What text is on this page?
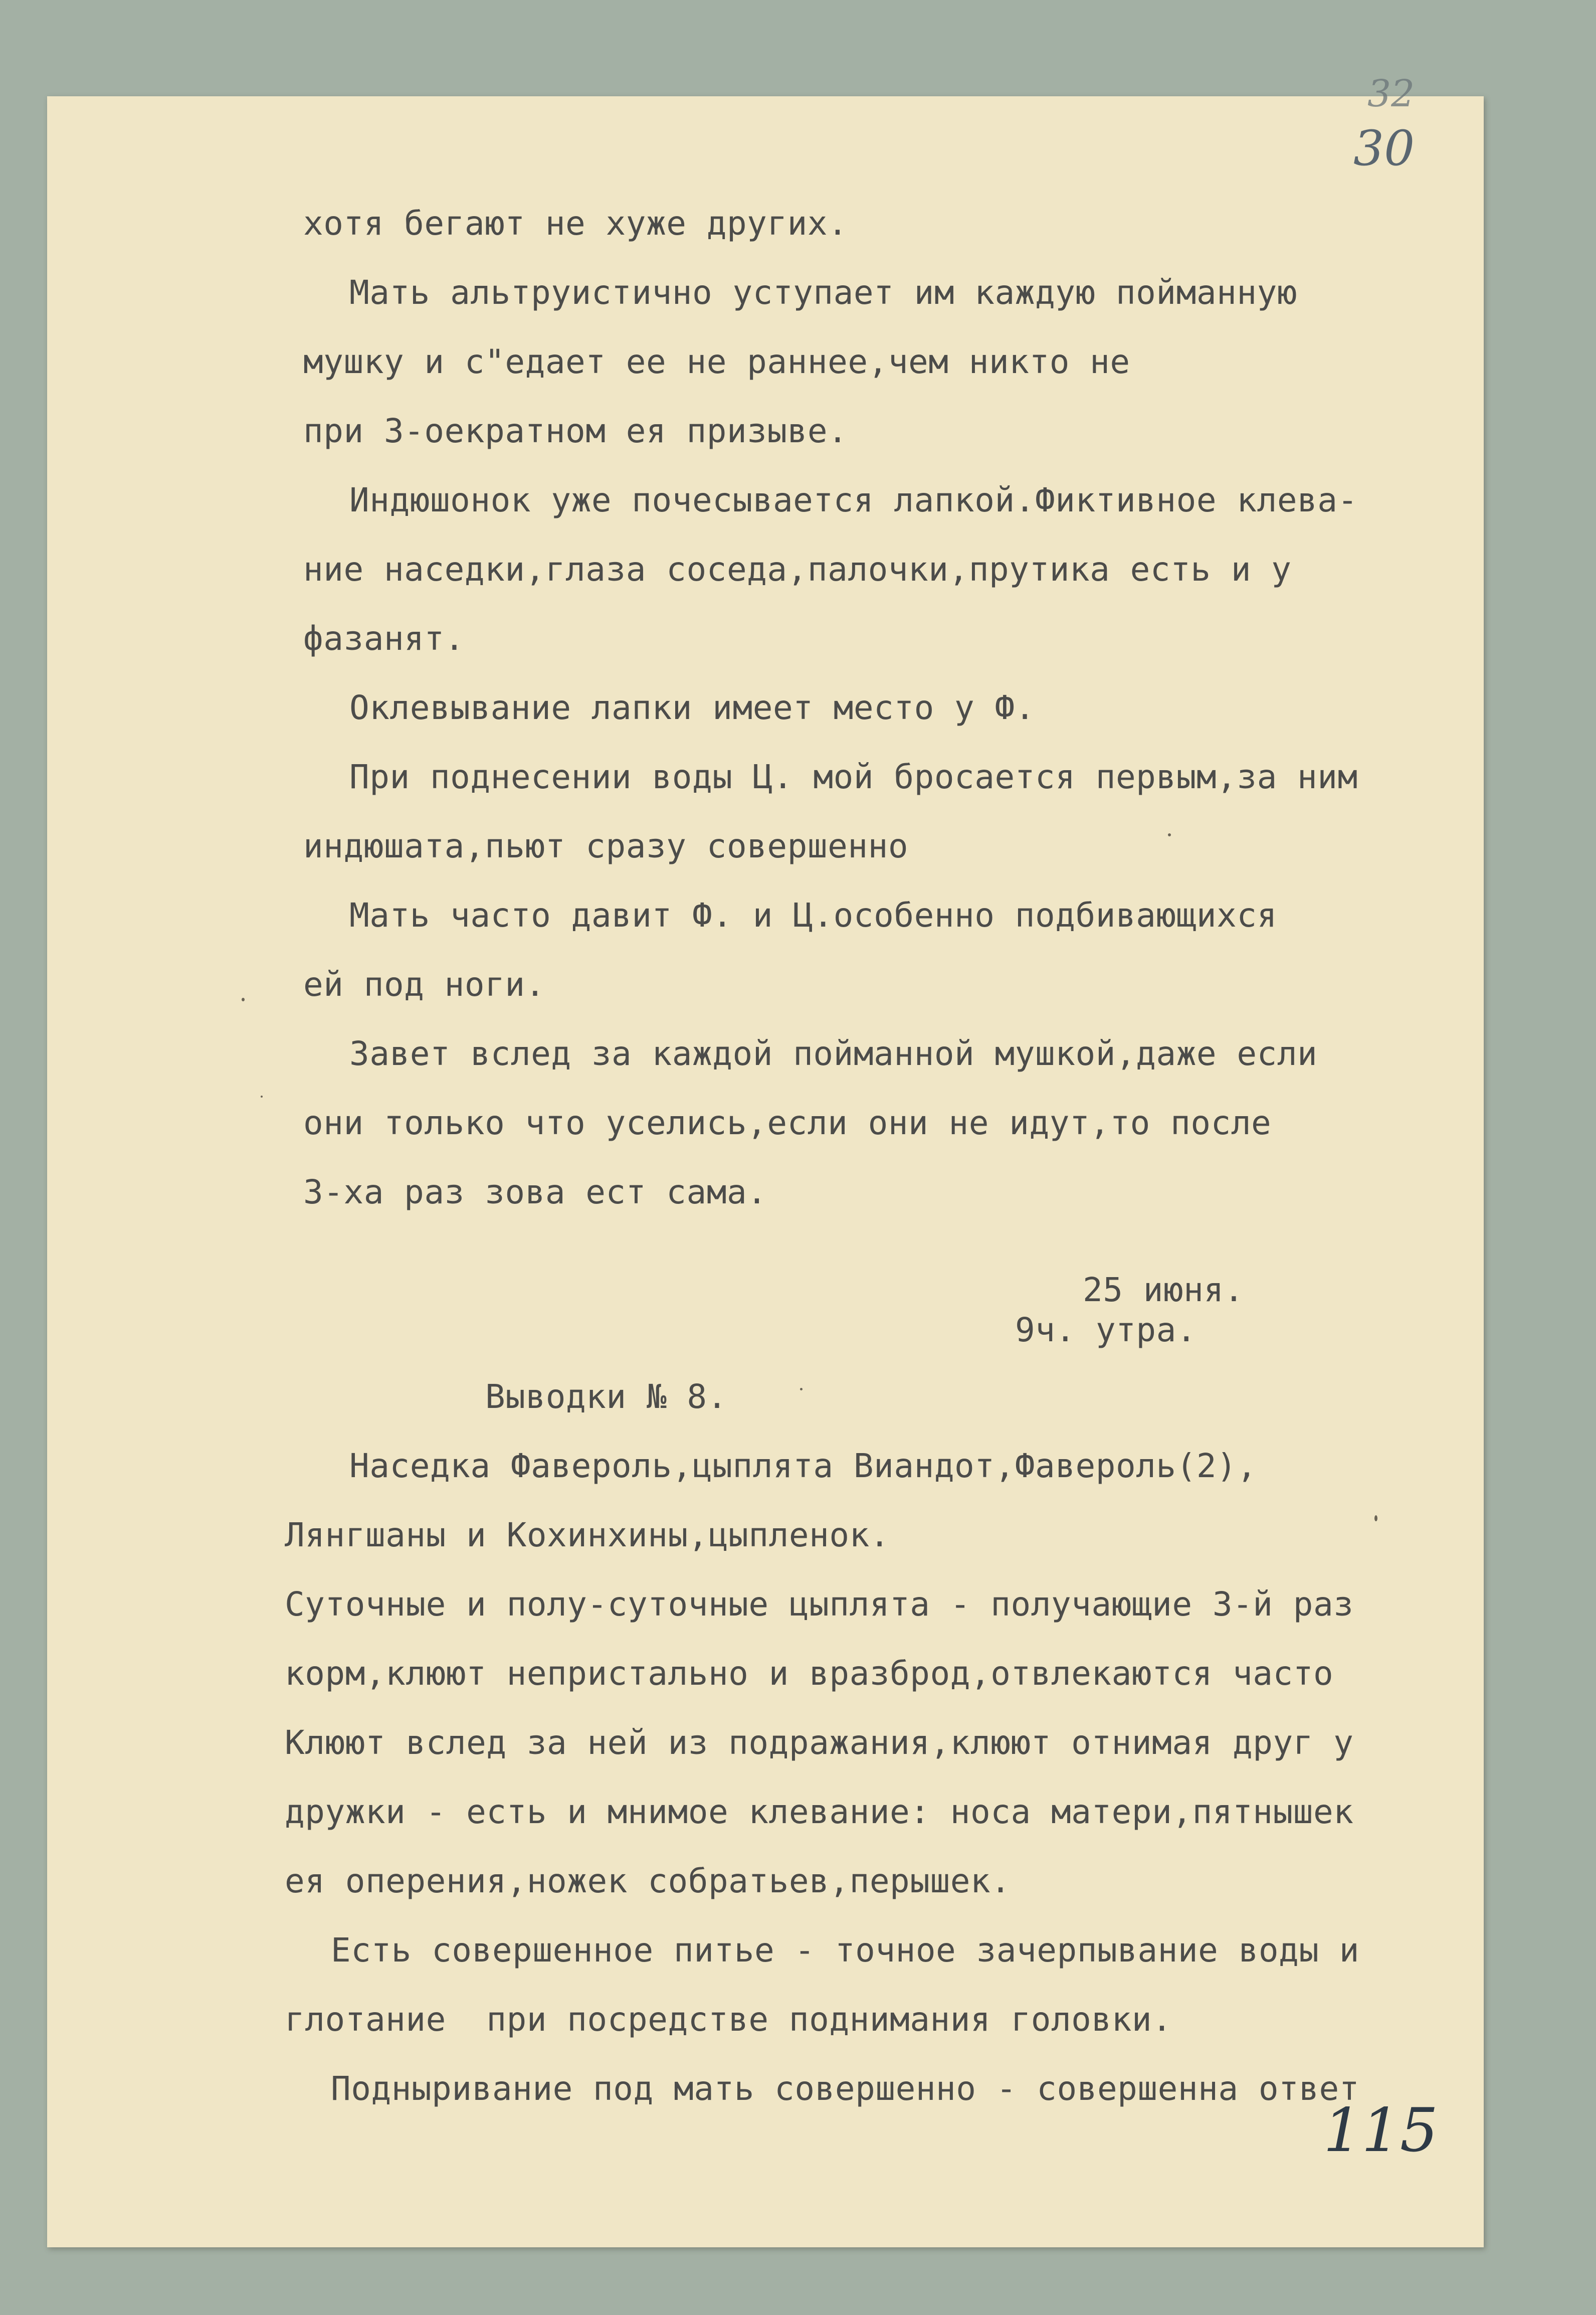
32
30
115
хотя бегают не хуже других.
Мать альтруистично уступает им каждую пойманную
мушку и с"едает ее не раннее,чем никто не
при 3-оекратном ея призыве.
Индюшонок уже почесывается лапкой.Фиктивное клева-
ние наседки,глаза соседа,палочки,прутика есть и у
фазанят.
Оклевывание лапки имеет место у Ф.
При поднесении воды Ц. мой бросается первым,за ним
индюшата,пьют сразу совершенно
Мать часто давит Ф. и Ц.особенно подбивающихся
ей под ноги.
Завет вслед за каждой пойманной мушкой,даже если
они только что уселись,если они не идут,то после
3-ха раз зова ест сама.
25 июня.
9ч. утра.
Выводки № 8.
Наседка Фавероль,цыплята Виандот,Фавероль(2),
Лянгшаны и Кохинхины,цыпленок.
Суточные и полу-суточные цыплята - получающие 3-й раз
корм,клюют непристально и вразброд,отвлекаются часто
Клюют вслед за ней из подражания,клюют отнимая друг у
дружки - есть и мнимое клевание: носа матери,пятнышек
ея оперения,ножек собратьев,перышек.
Есть совершенное питье - точное зачерпывание воды и
глотание  при посредстве поднимания головки.
Подныривание под мать совершенно - совершенна ответ
